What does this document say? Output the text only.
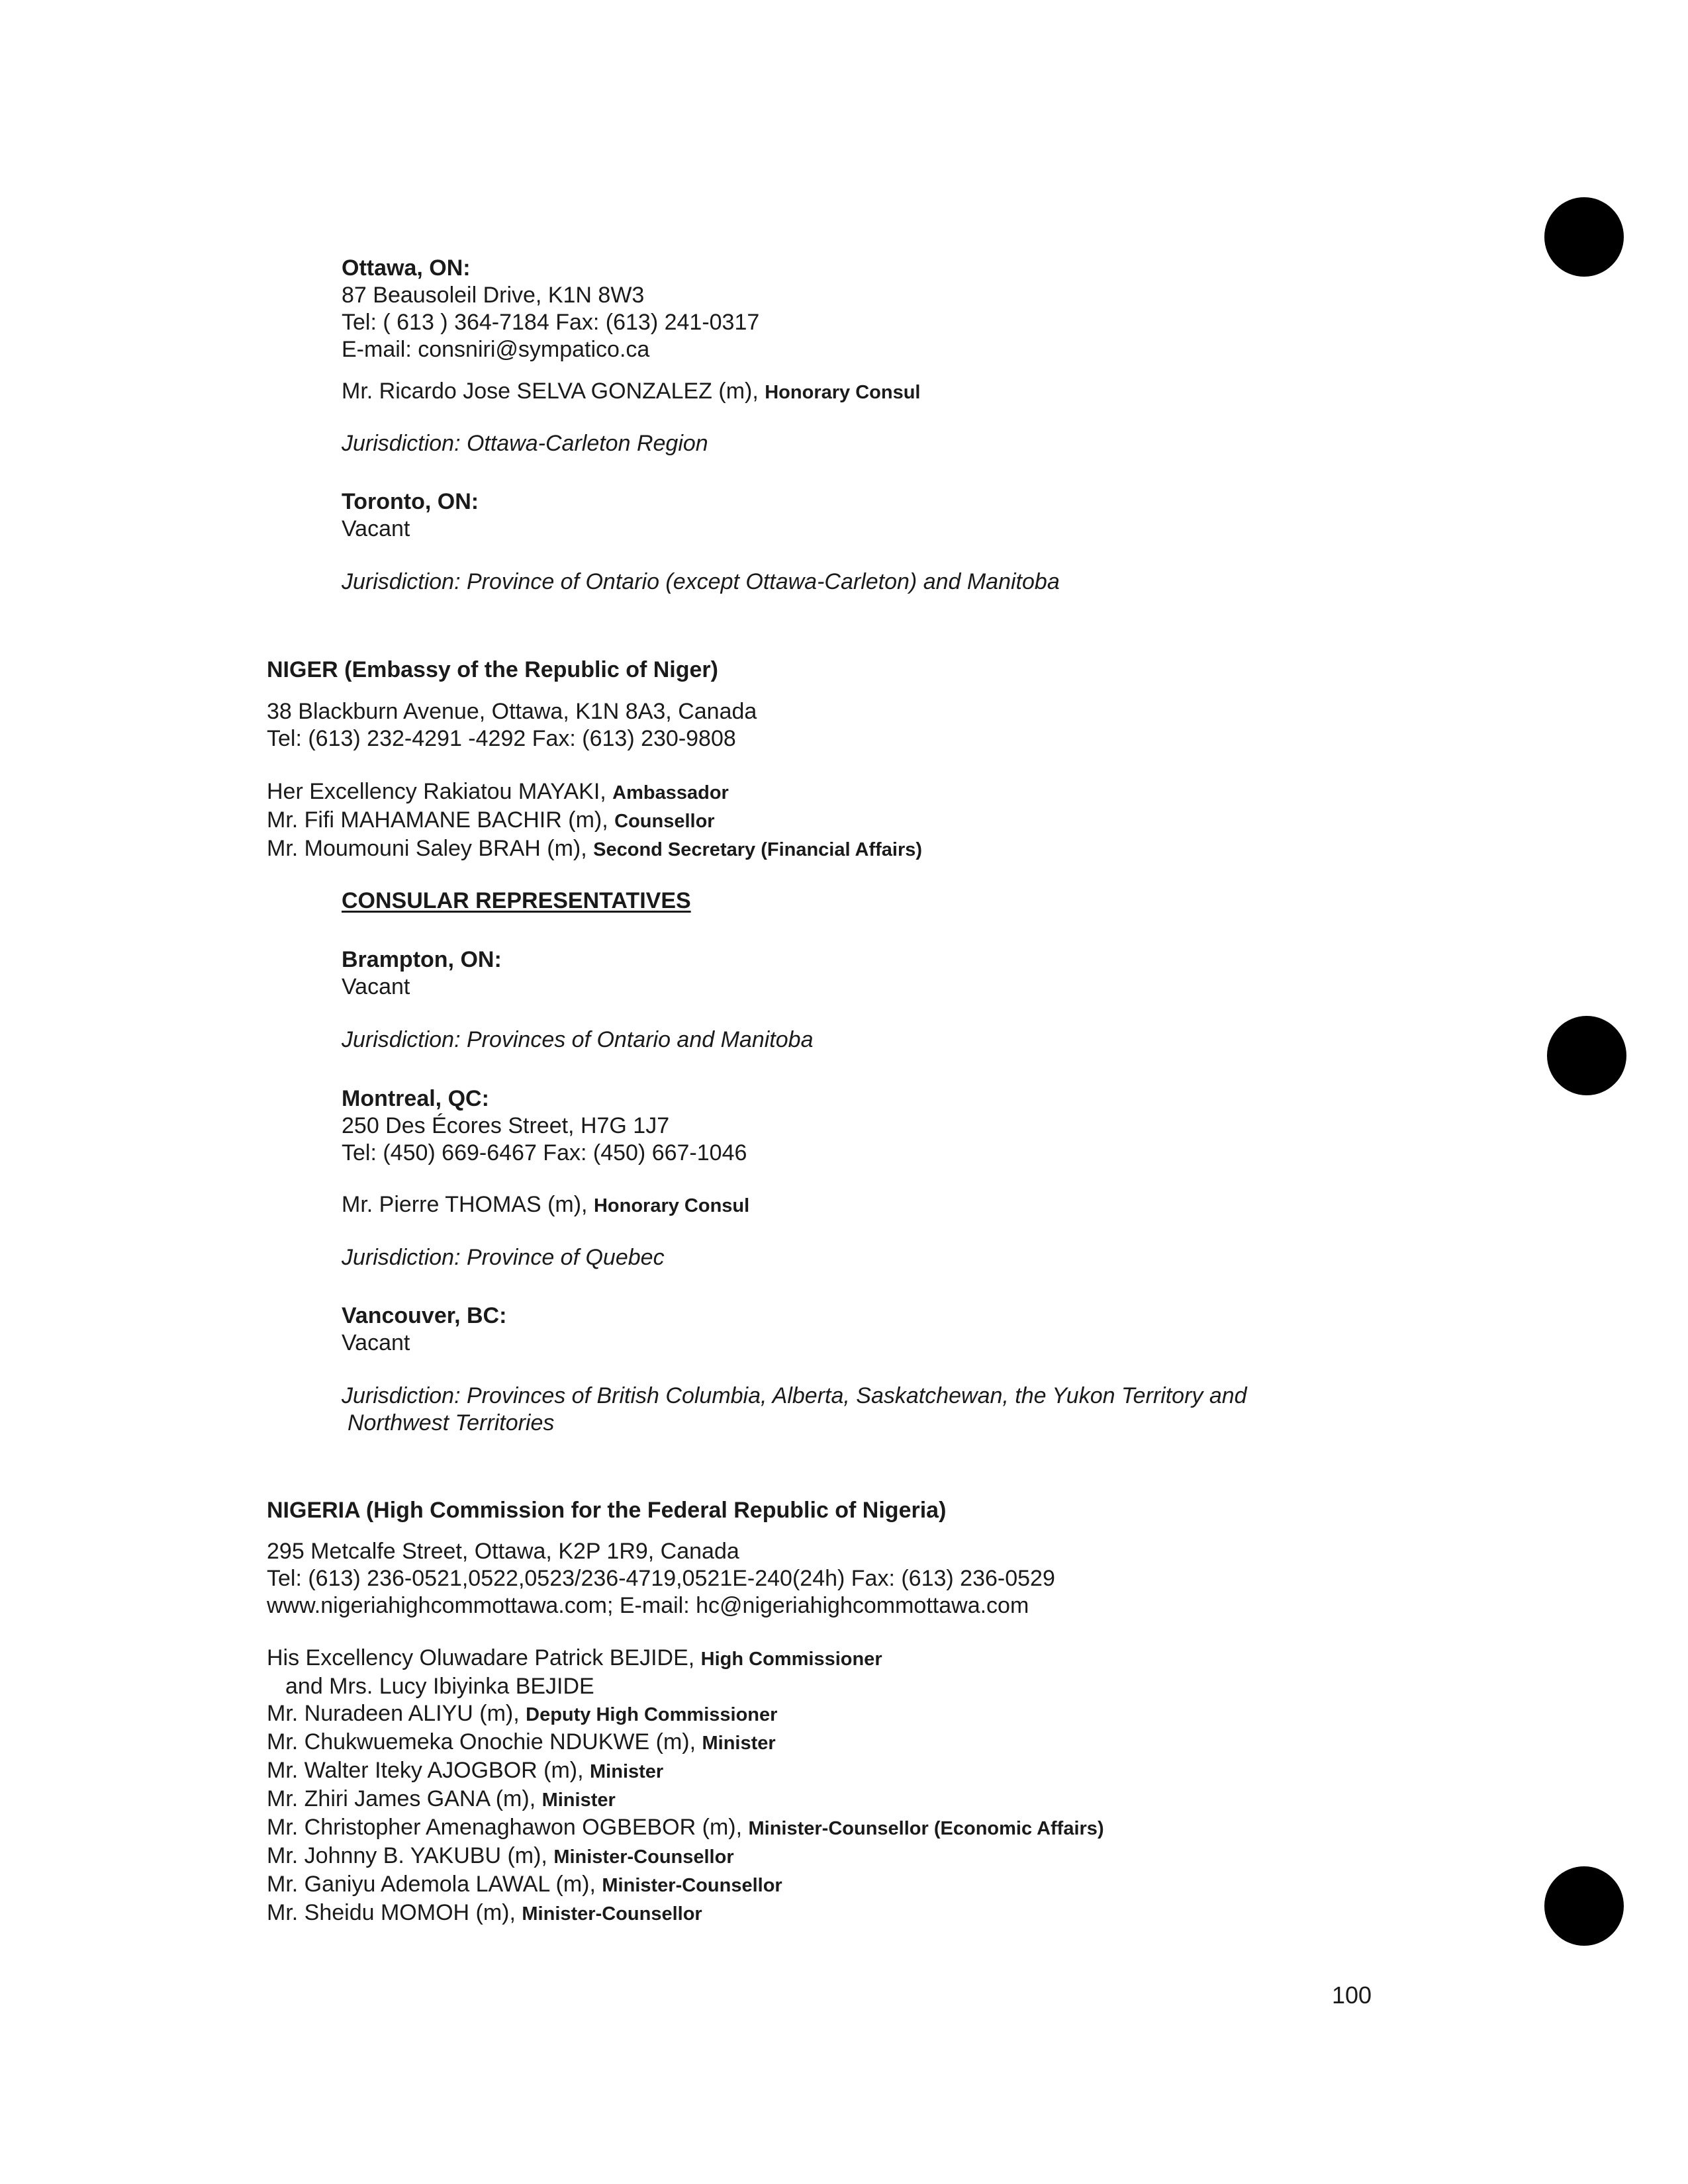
Ottawa, ON:
87 Beausoleil Drive, K1N 8W3
Tel: ( 613 ) 364-7184 Fax: (613) 241-0317
E-mail: consniri@sympatico.ca
Mr. Ricardo Jose SELVA GONZALEZ (m), Honorary Consul
Jurisdiction: Ottawa-Carleton Region
Toronto, ON:
Vacant
Jurisdiction: Province of Ontario (except Ottawa-Carleton) and Manitoba
NIGER (Embassy of the Republic of Niger)
38 Blackburn Avenue, Ottawa, K1N 8A3, Canada
Tel: (613) 232-4291 -4292 Fax: (613) 230-9808
Her Excellency Rakiatou MAYAKI, Ambassador
Mr. Fifi MAHAMANE BACHIR (m), Counsellor
Mr. Moumouni Saley BRAH (m), Second Secretary (Financial Affairs)
CONSULAR REPRESENTATIVES
Brampton, ON:
Vacant
Jurisdiction: Provinces of Ontario and Manitoba
Montreal, QC:
250 Des Écores Street, H7G 1J7
Tel: (450) 669-6467 Fax: (450) 667-1046
Mr. Pierre THOMAS (m), Honorary Consul
Jurisdiction: Province of Quebec
Vancouver, BC:
Vacant
Jurisdiction: Provinces of British Columbia, Alberta, Saskatchewan, the Yukon Territory and
Northwest Territories
NIGERIA (High Commission for the Federal Republic of Nigeria)
295 Metcalfe Street, Ottawa, K2P 1R9, Canada
Tel: (613) 236-0521,0522,0523/236-4719,0521E-240(24h) Fax: (613) 236-0529
www.nigeriahighcommottawa.com; E-mail: hc@nigeriahighcommottawa.com
His Excellency Oluwadare Patrick BEJIDE, High Commissioner
and Mrs. Lucy Ibiyinka BEJIDE
Mr. Nuradeen ALIYU (m), Deputy High Commissioner
Mr. Chukwuemeka Onochie NDUKWE (m), Minister
Mr. Walter Iteky AJOGBOR (m), Minister
Mr. Zhiri James GANA (m), Minister
Mr. Christopher Amenaghawon OGBEBOR (m), Minister-Counsellor (Economic Affairs)
Mr. Johnny B. YAKUBU (m), Minister-Counsellor
Mr. Ganiyu Ademola LAWAL (m), Minister-Counsellor
Mr. Sheidu MOMOH (m), Minister-Counsellor
100
